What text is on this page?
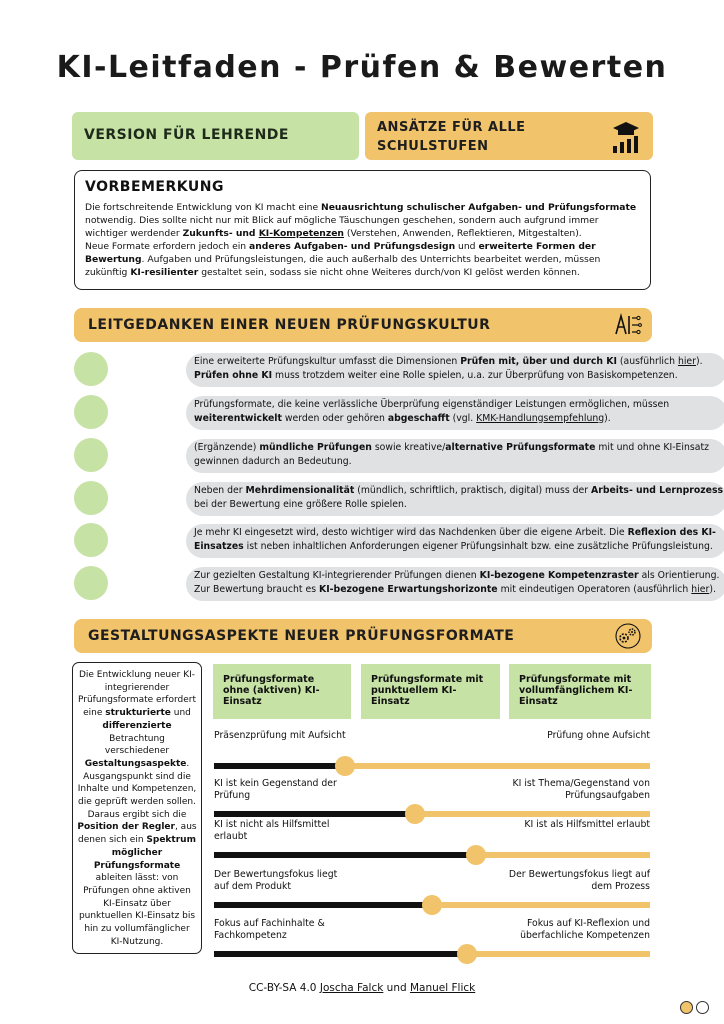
KI-Leitfaden - Prüfen & Bewerten
VERSION FÜR LEHRENDE	ANSÄTZE FÜR ALLE SCHULSTUFEN
VORBEMERKUNG

Die fortschreitende Entwicklung von KI macht eine Neuausrichtung schulischer Aufgaben- und Prüfungsformate notwendig. Dies sollte nicht nur mit Blick auf mögliche Täuschungen geschehen, sondern auch aufgrund immer wichtiger werdender Zukunfts- und KI-Kompetenzen (Verstehen, Anwenden, Reflektieren, Mitgestalten).
Neue Formate erfordern jedoch ein anderes Aufgaben- und Prüfungsdesign und erweiterte Formen der Bewertung. Aufgaben und Prüfungsleistungen, die auch außerhalb des Unterrichts bearbeitet werden, müssen zukünftig KI-resilienter gestaltet sein, sodass sie nicht ohne Weiteres durch/von KI gelöst werden können.

LEITGEDANKEN EINER NEUEN PRÜFUNGSKULTUR
Eine erweiterte Prüfungskultur umfasst die Dimensionen Prüfen mit, über und durch KI (ausführlich hier). Prüfen ohne KI muss trotzdem weiter eine Rolle spielen, u.a. zur Überprüfung von Basiskompetenzen.
Prüfungsformate, die keine verlässliche Überprüfung eigenständiger Leistungen ermöglichen, müssen weiterentwickelt werden oder gehören abgeschafft (vgl. KMK-Handlungsempfehlung).
(Ergänzende) mündliche Prüfungen sowie kreative/alternative Prüfungsformate mit und ohne KI-Einsatz gewinnen dadurch an Bedeutung.
Neben der Mehrdimensionalität (mündlich, schriftlich, praktisch, digital) muss der Arbeits- und Lernprozess bei der Bewertung eine größere Rolle spielen.
Je mehr KI eingesetzt wird, desto wichtiger wird das Nachdenken über die eigene Arbeit. Die Reflexion des KI-Einsatzes ist neben inhaltlichen Anforderungen eigener Prüfungsinhalt bzw. eine zusätzliche Prüfungsleistung.
Zur gezielten Gestaltung KI-integrierender Prüfungen dienen KI-bezogene Kompetenzraster als Orientierung. Zur Bewertung braucht es KI-bezogene Erwartungshorizonte mit eindeutigen Operatoren (ausführlich hier).
GESTALTUNGSASPEKTE NEUER PRÜFUNGSFORMATE
Die Entwicklung neuer KI-integrierender Prüfungsformate erfordert eine strukturierte und differenzierte Betrachtung verschiedener Gestaltungsaspekte. Ausgangspunkt sind die Inhalte und Kompetenzen, die geprüft werden sollen. Daraus ergibt sich die Position der Regler, aus denen sich ein Spektrum möglicher Prüfungsformate ableiten lässt: von Prüfungen ohne aktiven KI-Einsatz über punktuellen KI-Einsatz bis hin zu vollumfänglicher KI-Nutzung.
Prüfungsformate ohne (aktiven) KI-Einsatz
Prüfungsformate mit punktuellem KI-Einsatz
Prüfungsformate mit vollumfänglichem KI-Einsatz
Präsenzprüfung mit Aufsicht	Prüfung ohne Aufsicht
KI ist kein Gegenstand der Prüfung
KI ist Thema/Gegenstand von Prüfungsaufgaben
KI ist nicht als Hilfsmittel erlaubt
KI ist als Hilfsmittel erlaubt
Der Bewertungsfokus liegt auf dem Produkt
Der Bewertungsfokus liegt auf dem Prozess
Fokus auf Fachinhalte & Fachkompetenz
Fokus auf KI-Reflexion und überfachliche Kompetenzen
CC-BY-SA 4.0 Joscha Falck und Manuel Flick
